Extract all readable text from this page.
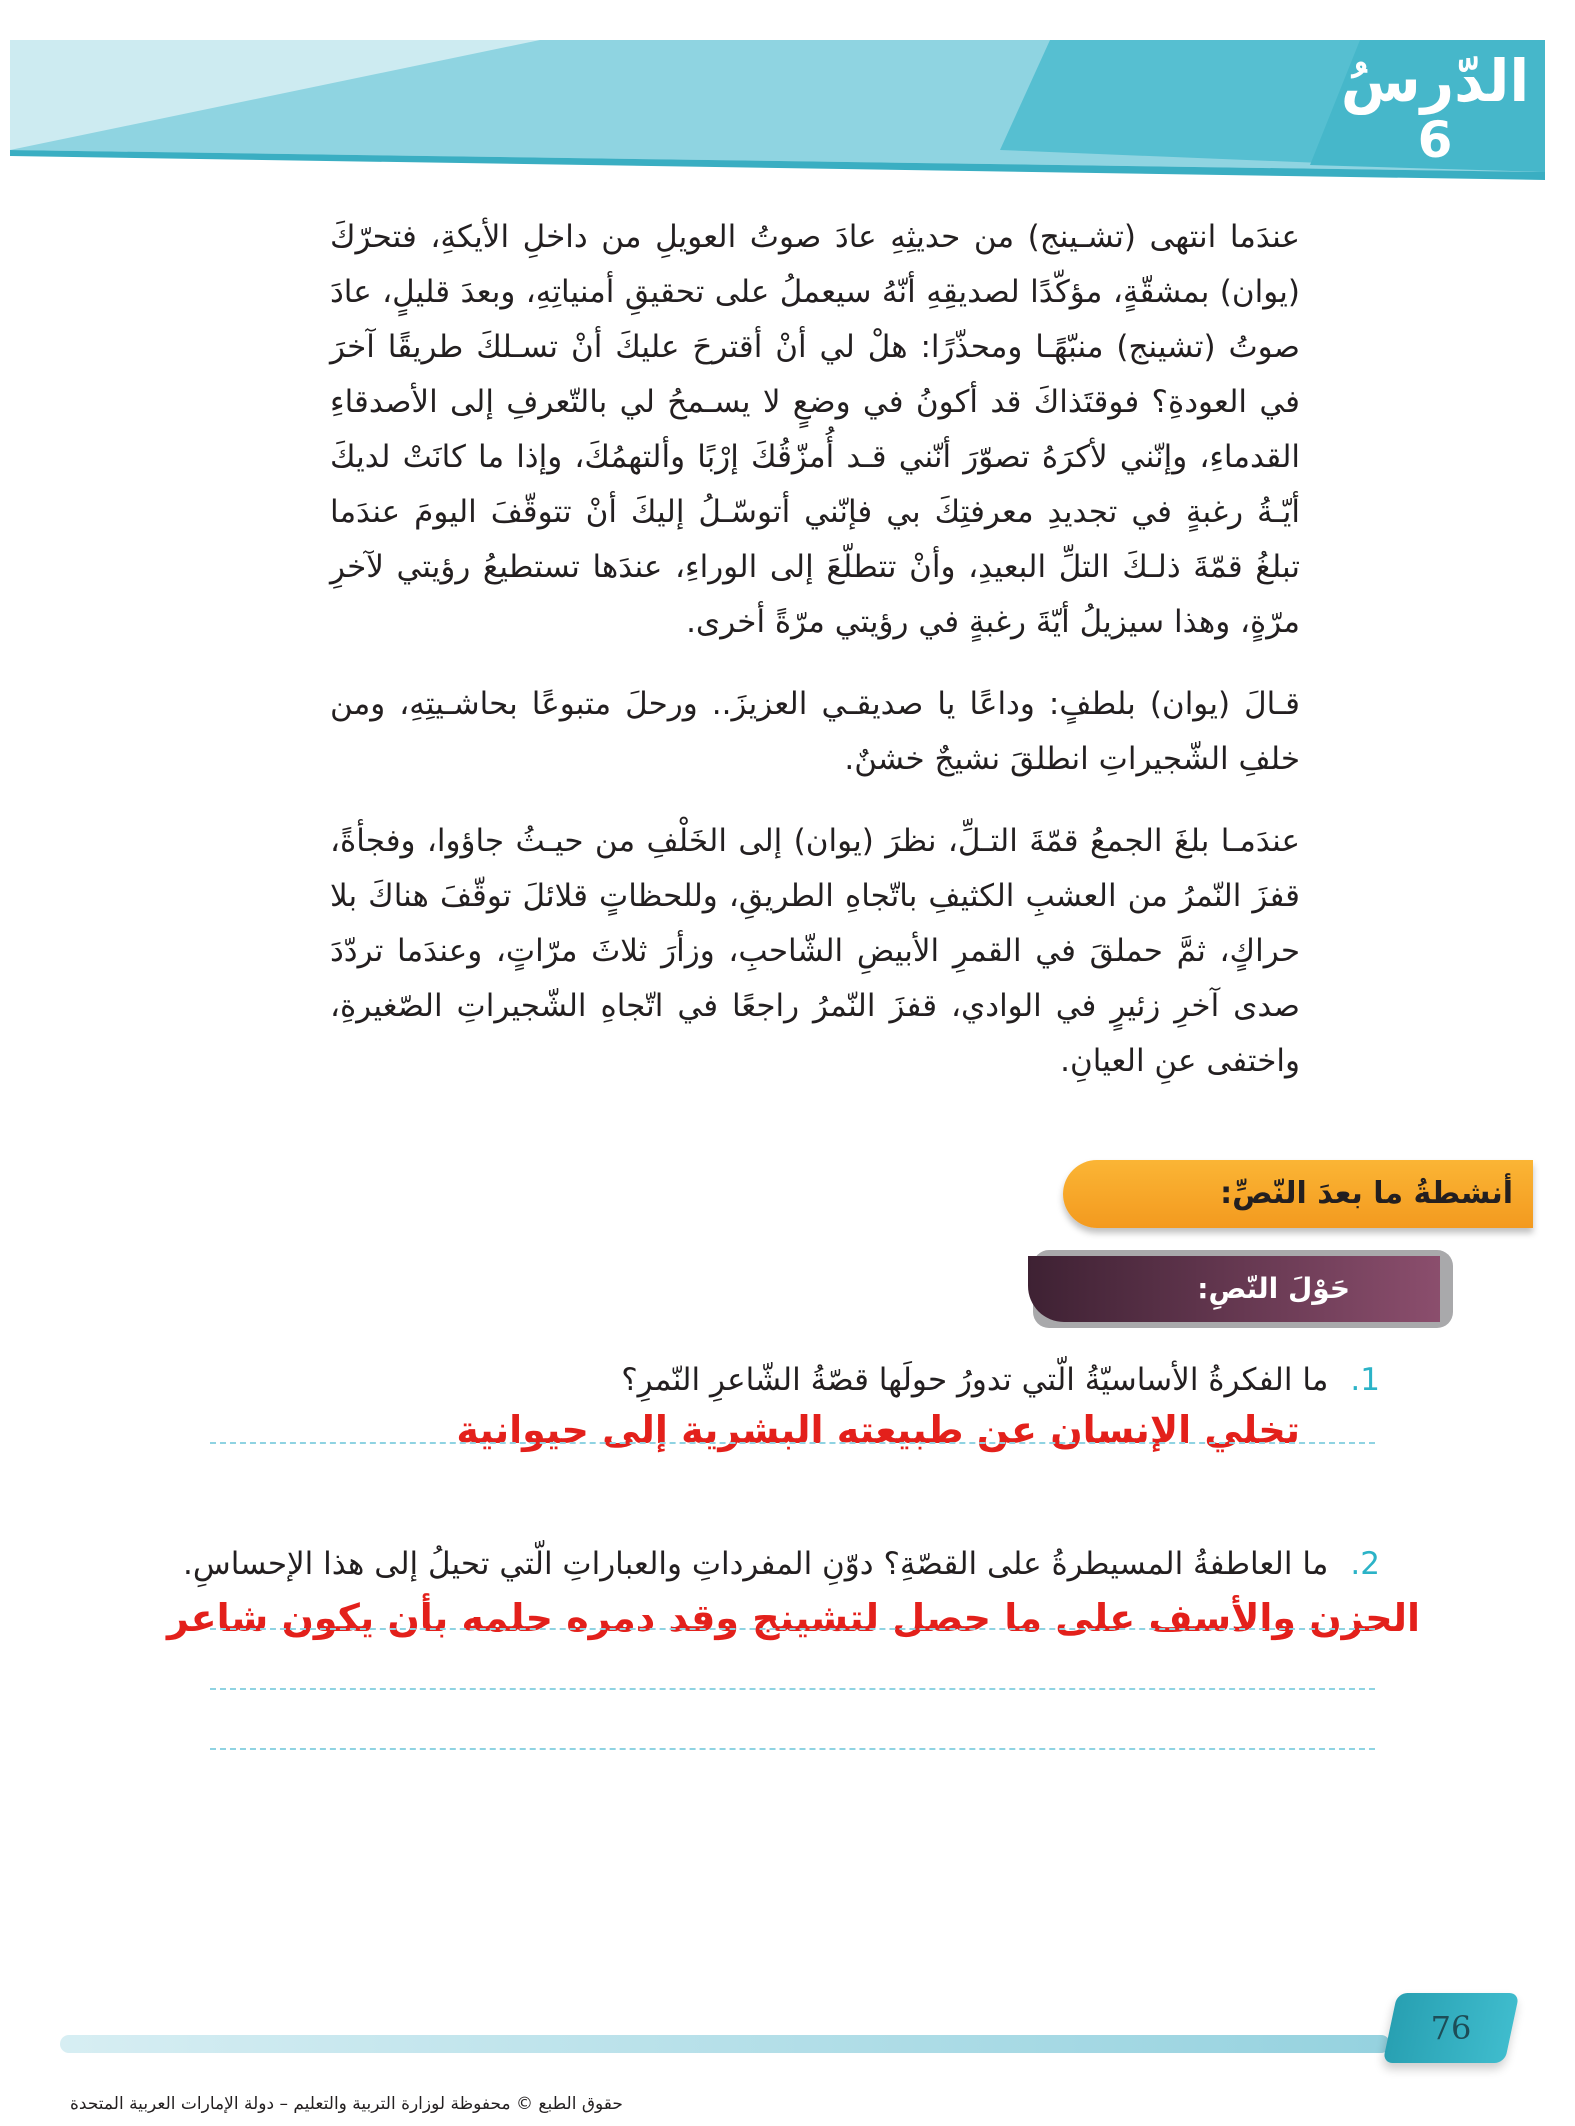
الدّرسُ
6

عندَما انتهى (تشـينج) من حديثِهِ عادَ صوتُ العويلِ من داخلِ الأيكةِ، فتحرّكَ (يوان) بمشقّةٍ، مؤكّدًا لصديقِهِ أنّهُ سيعملُ على تحقيقِ أمنياتِهِ، وبعدَ قليلٍ، عادَ صوتُ (تشينج) منبّهًـا ومحذّرًا: هلْ لي أنْ أقترحَ عليكَ أنْ تسـلكَ طريقًا آخرَ في العودةِ؟ فوقتَذاكَ قد أكونُ في وضعٍ لا يسـمحُ لي بالتّعرفِ إلى الأصدقاءِ القدماءِ، وإنّني لأكرَهُ تصوّرَ أنّني قـد أُمزّقُكَ إرْبًا وألتهمُكَ، وإذا ما كانَتْ لديكَ أيّـةُ رغبةٍ في تجديدِ معرفتِكَ بي فإنّني أتوسّـلُ إليكَ أنْ تتوقّفَ اليومَ عندَما تبلغُ قمّةَ ذلـكَ التلِّ البعيدِ، وأنْ تتطلّعَ إلى الوراءِ، عندَها تستطيعُ رؤيتي لآخرِ مرّةٍ، وهذا سيزيلُ أيّةَ رغبةٍ في رؤيتي مرّةً أخرى.

قـالَ (يوان) بلطفٍ: وداعًا يا صديقـي العزيزَ.. ورحلَ متبوعًا بحاشـيتِهِ، ومن خلفِ الشّجيراتِ انطلقَ نشيجٌ خشنٌ.

عندَمـا بلغَ الجمعُ قمّةَ التـلِّ، نظرَ (يوان) إلى الخَلْفِ من حيـثُ جاؤوا، وفجأةً، قفزَ النّمرُ من العشبِ الكثيفِ باتّجاهِ الطريقِ، وللحظاتٍ قلائلَ توقّفَ هناكَ بلا حراكٍ، ثمَّ حملقَ في القمرِ الأبيضِ الشّاحبِ، وزأرَ ثلاثَ مرّاتٍ، وعندَما تردّدَ صدى آخرِ زئيرٍ في الوادي، قفزَ النّمرُ راجعًا في اتّجاهِ الشّجيراتِ الصّغيرةِ، واختفى عنِ العيانِ.

أنشطةُ ما بعدَ النّصِّ:
حَوْلَ النّصِ:
1.ما الفكرةُ الأساسيّةُ الّتي تدورُ حولَها قصّةُ الشّاعرِ النّمرِ؟
تخلي الإنسان عن طبيعته البشرية إلى حيوانية
2.ما العاطفةُ المسيطرةُ على القصّةِ؟ دوّنِ المفرداتِ والعباراتِ الّتي تحيلُ إلى هذا الإحساسِ.
الحزن والأسف على ما حصل لتشينج وقد دمره حلمه بأن يكون شاعر
76
حقوق الطبع © محفوظة لوزارة التربية والتعليم – دولة الإمارات العربية المتحدة
